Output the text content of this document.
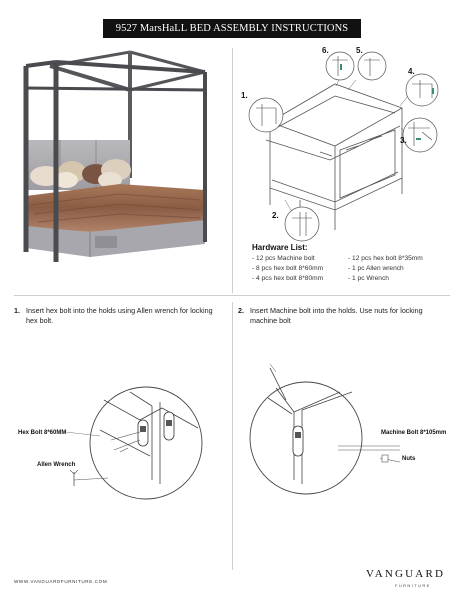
9527 MarsHaLL BED ASSEMBLY INSTRUCTIONS
1.
2.
3.
4.
5.
6.
Hardware List:
- 12 pcs Machine bolt
- 8 pcs hex bolt 8*60mm
- 4 pcs hex bolt 8*80mm
- 12 pcs hex bolt 8*35mm
- 1 pc Allen wrench
- 1 pc Wrench
1. Insert hex bolt into the holds using Allen wrench for locking hex bolt.
2. Insert Machine bolt into the holds. Use nuts for locking machine bolt
Hex Bolt 8*60MM
Allen Wrench
Machine Bolt 8*105mm
Nuts
WWW.VANGUARDFURNITURE.COM
VANGUARD
FURNITURE
